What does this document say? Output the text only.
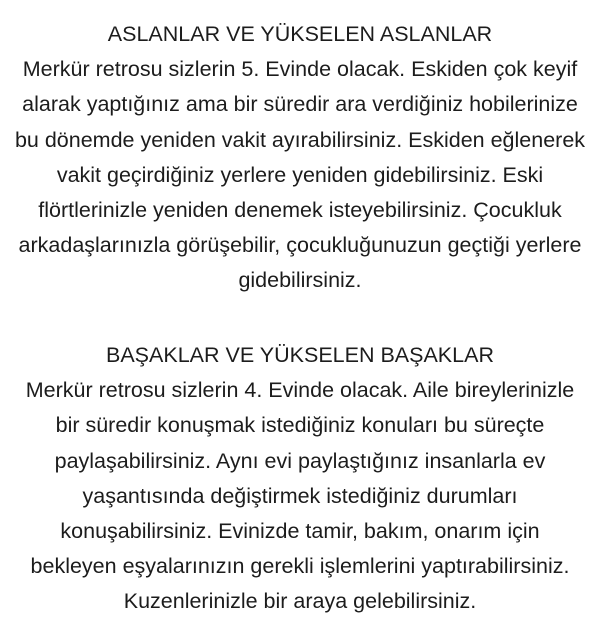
ASLANLAR VE YÜKSELEN ASLANLAR
Merkür retrosu sizlerin 5. Evinde olacak. Eskiden çok keyif
alarak yaptığınız ama bir süredir ara verdiğiniz hobilerinize
bu dönemde yeniden vakit ayırabilirsiniz. Eskiden eğlenerek
vakit geçirdiğiniz yerlere yeniden gidebilirsiniz. Eski
flörtlerinizle yeniden denemek isteyebilirsiniz. Çocukluk
arkadaşlarınızla görüşebilir, çocukluğunuzun geçtiği yerlere
gidebilirsiniz.
BAŞAKLAR VE YÜKSELEN BAŞAKLAR
Merkür retrosu sizlerin 4. Evinde olacak. Aile bireylerinizle
bir süredir konuşmak istediğiniz konuları bu süreçte
paylaşabilirsiniz. Aynı evi paylaştığınız insanlarla ev
yaşantısında değiştirmek istediğiniz durumları
konuşabilirsiniz. Evinizde tamir, bakım, onarım için
bekleyen eşyalarınızın gerekli işlemlerini yaptırabilirsiniz.
Kuzenlerinizle bir araya gelebilirsiniz.
